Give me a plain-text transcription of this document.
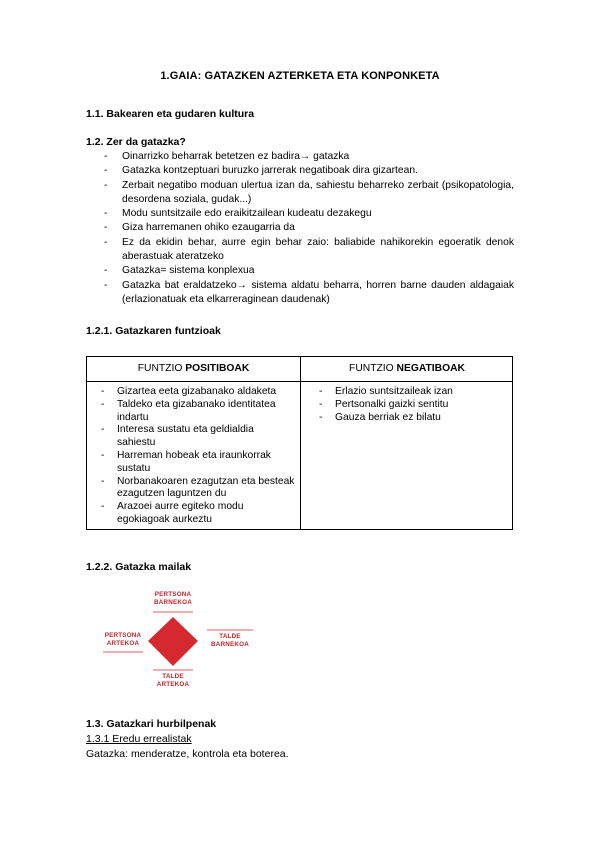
1.GAIA: GATAZKEN AZTERKETA ETA KONPONKETA
1.1. Bakearen eta gudaren kultura
1.2. Zer da gatazka?
- Oinarrizko beharrak betetzen ez badira→ gatazka
- Gatazka kontzeptuari buruzko jarrerak negatiboak dira gizartean.
- Zerbait negatibo moduan ulertua izan da, sahiestu beharreko zerbait (psikopatologia, desordena soziala, gudak...)
- Modu suntsitzaile edo eraikitzailean kudeatu dezakegu
- Giza harremanen ohiko ezaugarria da
- Ez da ekidin behar, aurre egin behar zaio: baliabide nahikorekin egoeratik denok aberastuak ateratzeko
- Gatazka= sistema konplexua
- Gatazka bat eraldatzeko→ sistema aldatu beharra, horren barne dauden aldagaiak (erlazionatuak eta elkarreraginean daudenak)
1.2.1. Gatazkaren funtzioak
FUNTZIO POSITIBOAK	FUNTZIO NEGATIBOAK
- Gizartea eeta gizabanako aldaketa
- Taldeko eta gizabanako identitatea indartu
- Interesa sustatu eta geldialdia sahiestu
- Harreman hobeak eta iraunkorrak sustatu
- Norbanakoaren ezagutzan eta besteak ezagutzen laguntzen du
- Arazoei aurre egiteko modu egokiagoak aurkeztu
- Erlazio suntsitzaileak izan
- Pertsonalki gaizki sentitu
- Gauza berriak ez bilatu
1.2.2. Gatazka mailak
PERTSONA
BARNEKOA
PERTSONA
ARTEKOA
TALDE
BARNEKOA
TALDE
ARTEKOA
1.3. Gatazkari hurbilpenak
1.3.1 Eredu errealistak
Gatazka: menderatze, kontrola eta boterea.
